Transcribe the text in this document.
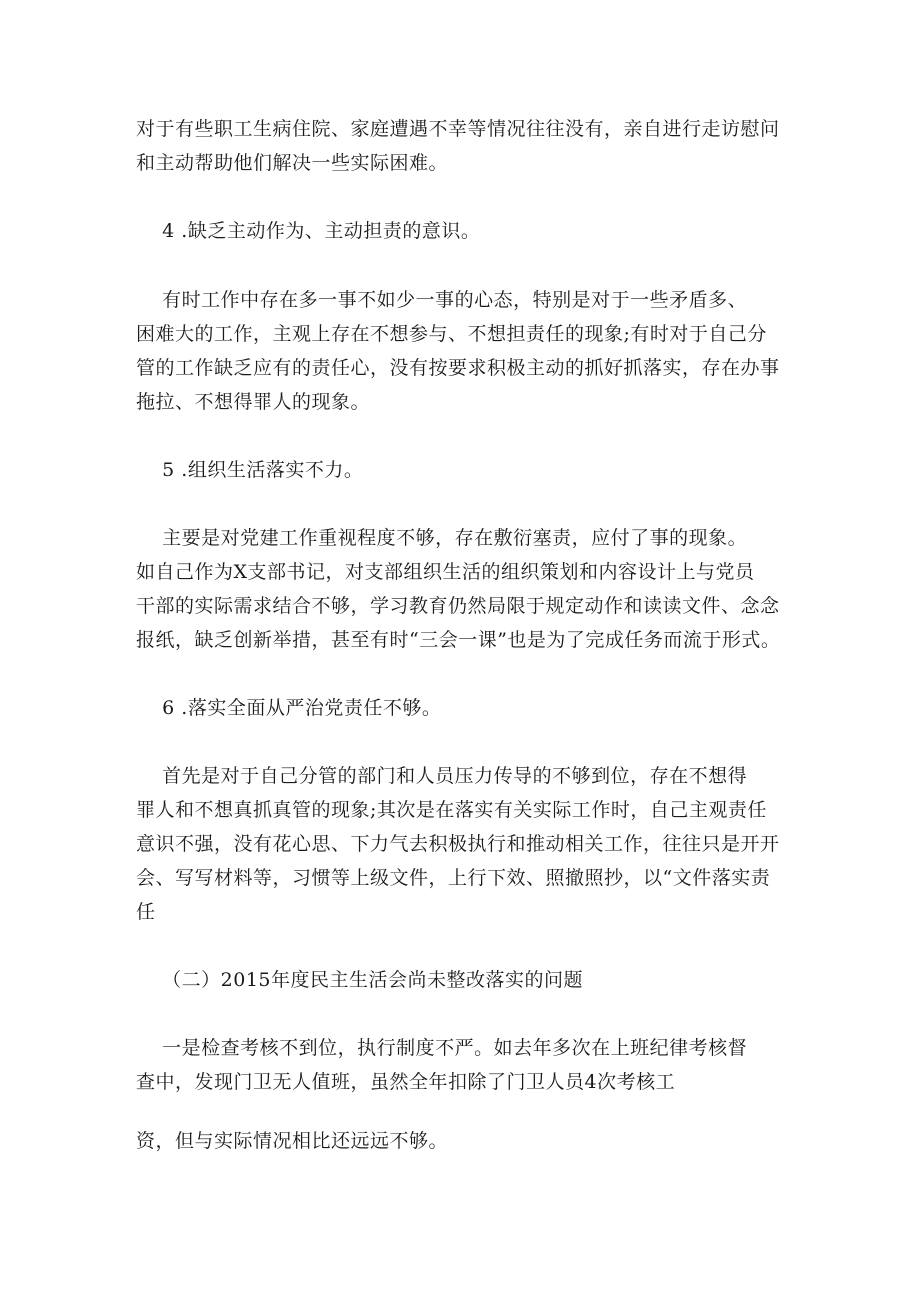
对于有些职工生病住院、家庭遭遇不幸等情况往往没有，亲自进行走访慰问
和主动帮助他们解决一些实际困难。
4 .缺乏主动作为、主动担责的意识。
有时工作中存在多一事不如少一事的心态，特别是对于一些矛盾多、
困难大的工作，主观上存在不想参与、不想担责任的现象;有时对于自己分
管的工作缺乏应有的责任心，没有按要求积极主动的抓好抓落实，存在办事
拖拉、不想得罪人的现象。
5 .组织生活落实不力。
主要是对党建工作重视程度不够，存在敷衍塞责，应付了事的现象。
如自己作为X支部书记，对支部组织生活的组织策划和内容设计上与党员
干部的实际需求结合不够，学习教育仍然局限于规定动作和读读文件、念念
报纸，缺乏创新举措，甚至有时“三会一课”也是为了完成任务而流于形式。
6 .落实全面从严治党责任不够。
首先是对于自己分管的部门和人员压力传导的不够到位，存在不想得
罪人和不想真抓真管的现象;其次是在落实有关实际工作时，自己主观责任
意识不强，没有花心思、下力气去积极执行和推动相关工作，往往只是开开
会、写写材料等，习惯等上级文件，上行下效、照撤照抄，以“文件落实责
任
（二）2015年度民主生活会尚未整改落实的问题
一是检查考核不到位，执行制度不严。如去年多次在上班纪律考核督
查中，发现门卫无人值班，虽然全年扣除了门卫人员4次考核工
资，但与实际情况相比还远远不够。
